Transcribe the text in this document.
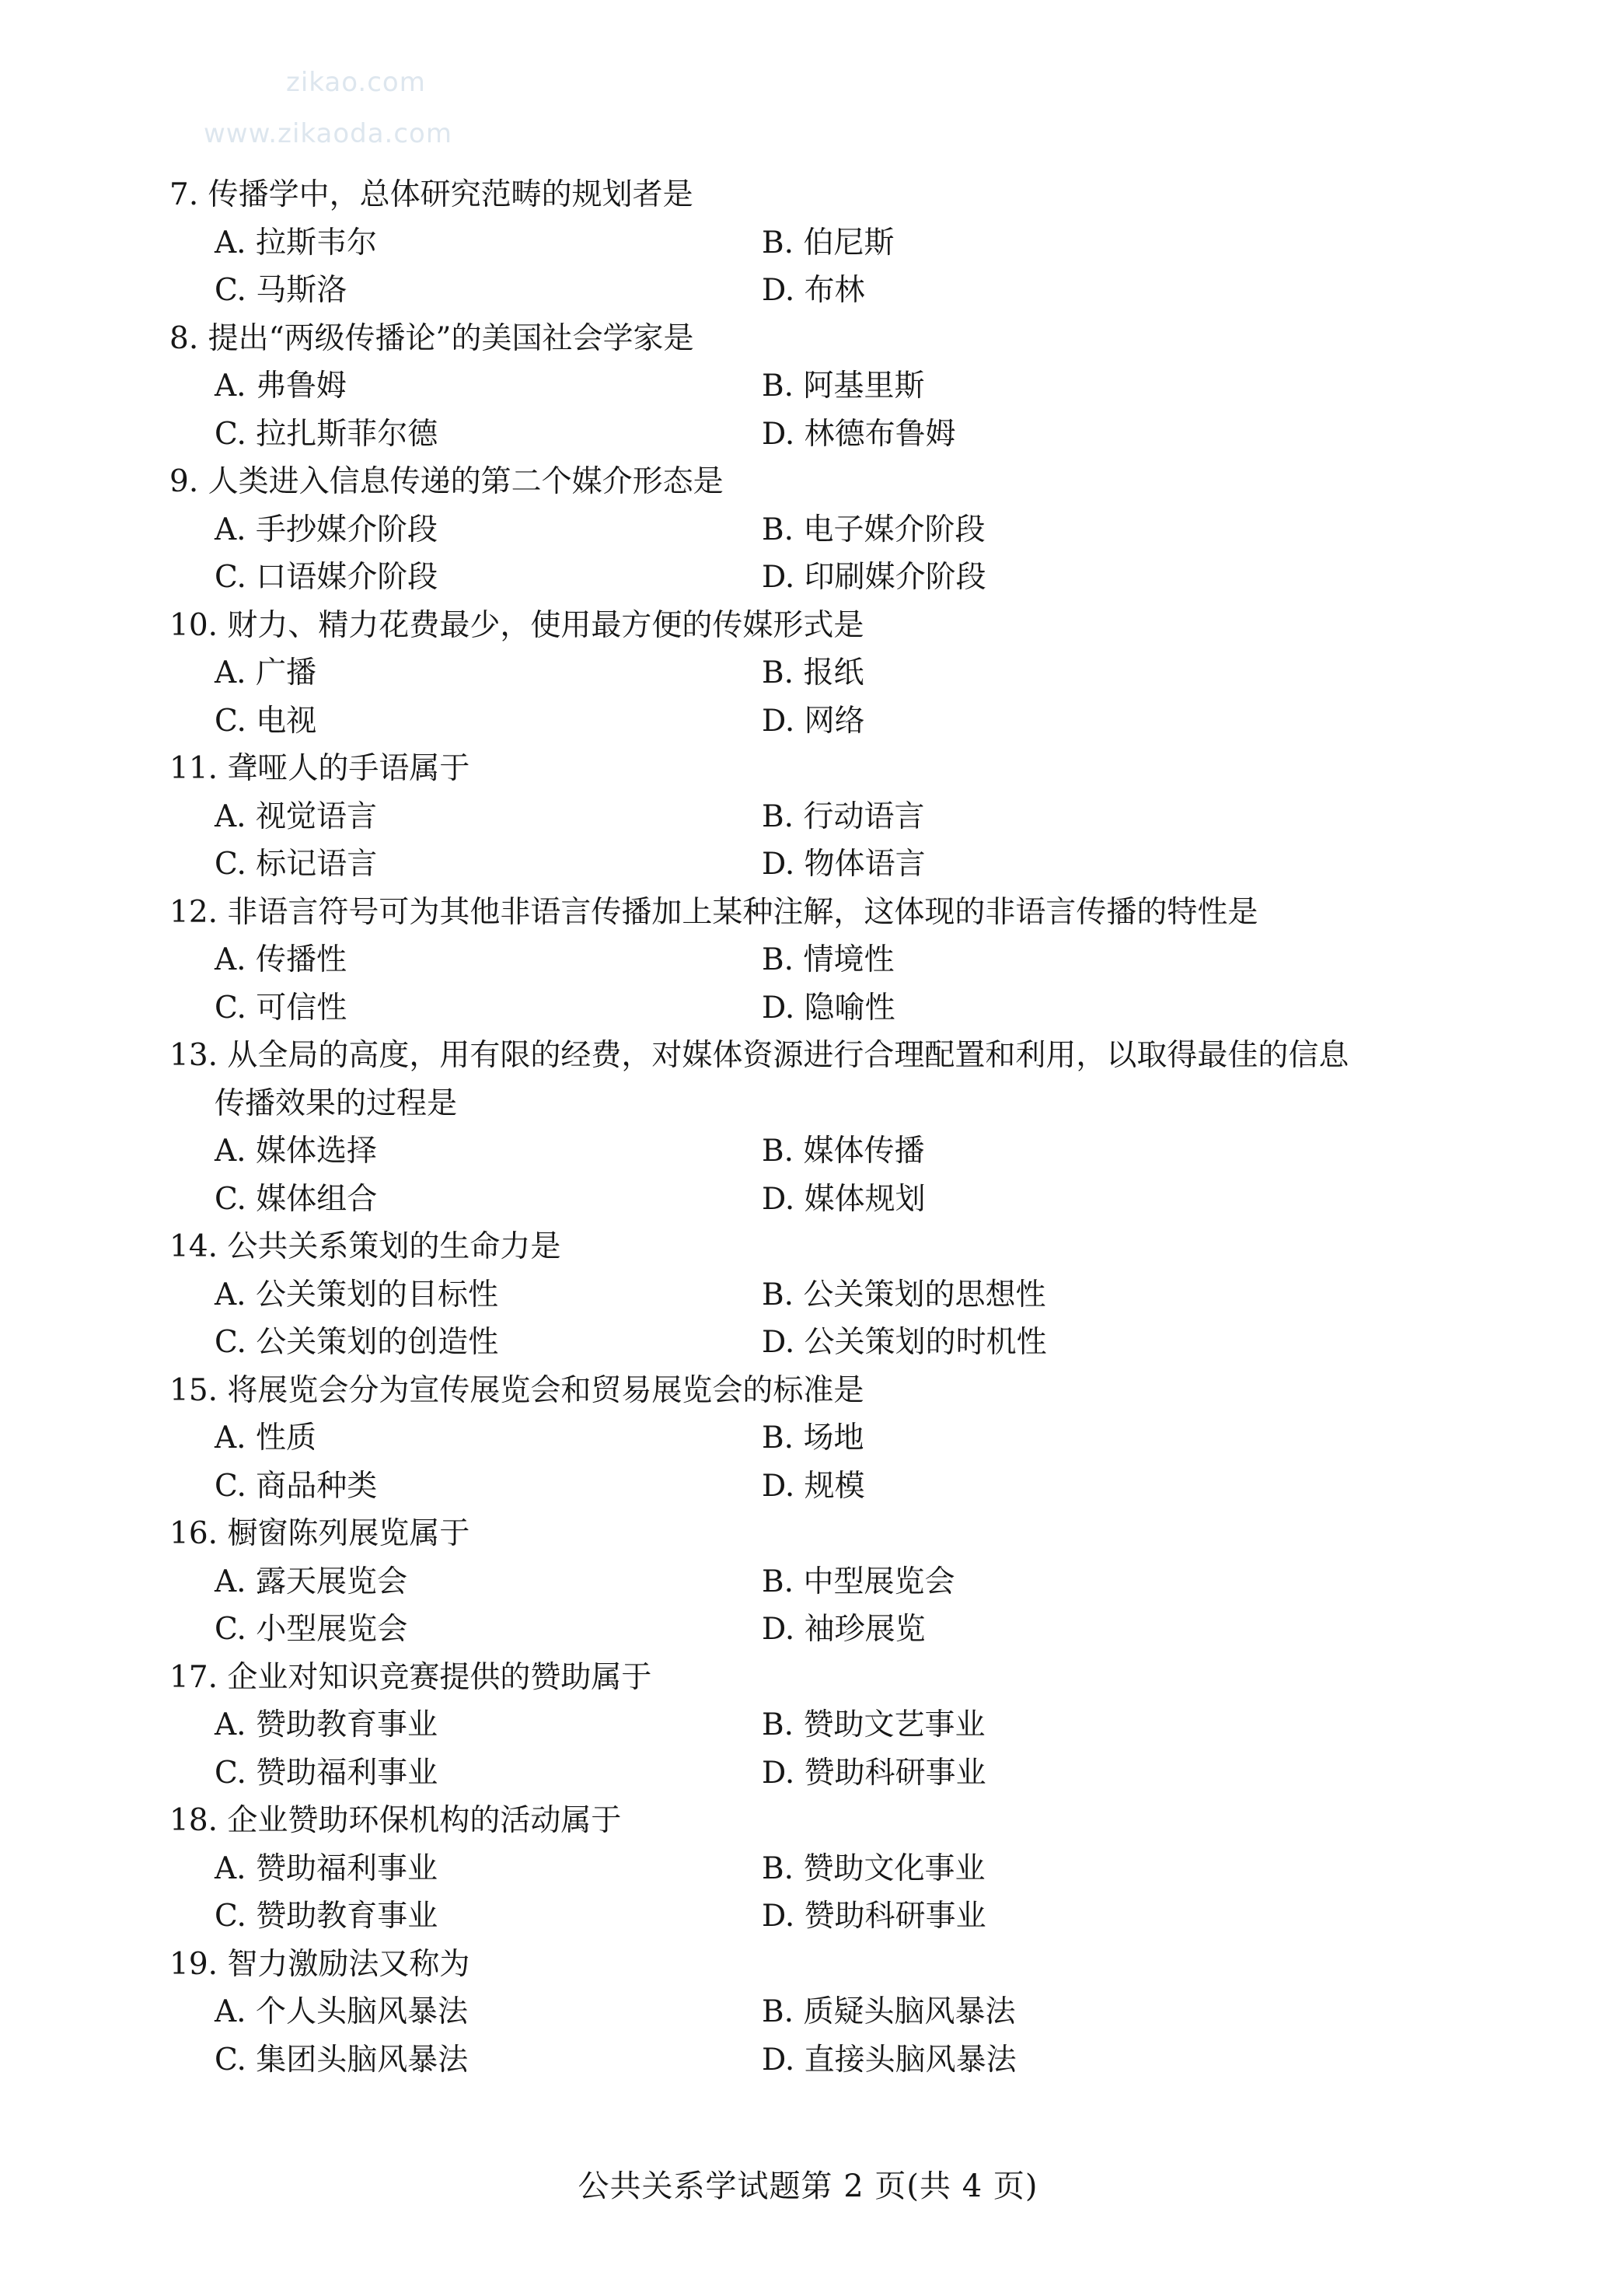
zikao.com
www.zikaoda.com
7. 传播学中，总体研究范畴的规划者是
A. 拉斯韦尔	B. 伯尼斯
C. 马斯洛	D. 布林
8. 提出“两级传播论”的美国社会学家是
A. 弗鲁姆	B. 阿基里斯
C. 拉扎斯菲尔德	D. 林德布鲁姆
9. 人类进入信息传递的第二个媒介形态是
A. 手抄媒介阶段	B. 电子媒介阶段
C. 口语媒介阶段	D. 印刷媒介阶段
10. 财力、精力花费最少，使用最方便的传媒形式是
A. 广播	B. 报纸
C. 电视	D. 网络
11. 聋哑人的手语属于
A. 视觉语言	B. 行动语言
C. 标记语言	D. 物体语言
12. 非语言符号可为其他非语言传播加上某种注解，这体现的非语言传播的特性是
A. 传播性	B. 情境性
C. 可信性	D. 隐喻性
13. 从全局的高度，用有限的经费，对媒体资源进行合理配置和利用，以取得最佳的信息
传播效果的过程是
A. 媒体选择	B. 媒体传播
C. 媒体组合	D. 媒体规划
14. 公共关系策划的生命力是
A. 公关策划的目标性	B. 公关策划的思想性
C. 公关策划的创造性	D. 公关策划的时机性
15. 将展览会分为宣传展览会和贸易展览会的标准是
A. 性质	B. 场地
C. 商品种类	D. 规模
16. 橱窗陈列展览属于
A. 露天展览会	B. 中型展览会
C. 小型展览会	D. 袖珍展览
17. 企业对知识竞赛提供的赞助属于
A. 赞助教育事业	B. 赞助文艺事业
C. 赞助福利事业	D. 赞助科研事业
18. 企业赞助环保机构的活动属于
A. 赞助福利事业	B. 赞助文化事业
C. 赞助教育事业	D. 赞助科研事业
19. 智力激励法又称为
A. 个人头脑风暴法	B. 质疑头脑风暴法
C. 集团头脑风暴法	D. 直接头脑风暴法
公共关系学试题第 2 页(共 4 页)
